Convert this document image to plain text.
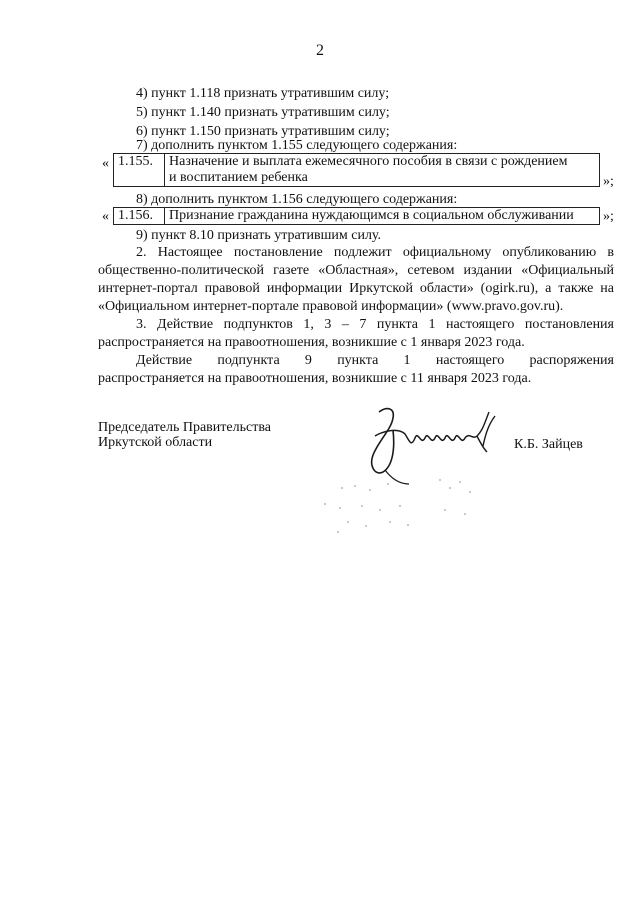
2
4) пункт 1.118 признать утратившим силу;
5) пункт 1.140 признать утратившим силу;
6) пункт 1.150 признать утратившим силу;
7) дополнить пунктом 1.155 следующего содержания:
« 1.155.	Назначение и выплата ежемесячного пособия в связи с рождением
и воспитанием ребенка	»;
8) дополнить пунктом 1.156 следующего содержания:
« 1.156.	Признание гражданина нуждающимся в социальном обслуживании »;
9) пункт 8.10 признать утратившим силу.
2. Настоящее постановление подлежит официальному опубликованию в
общественно-политической газете «Областная», сетевом издании «Официальный
интернет-портал правовой информации Иркутской области» (ogirk.ru), а также на
«Официальном интернет-портале правовой информации» (www.pravo.gov.ru).
3. Действие подпунктов 1, 3 – 7 пункта 1 настоящего постановления
распространяется на правоотношения, возникшие с 1 января 2023 года.
Действие подпункта 9 пункта 1 настоящего распоряжения
распространяется на правоотношения, возникшие с 11 января 2023 года.
Председатель Правительства
Иркутской области	К.Б. Зайцев
